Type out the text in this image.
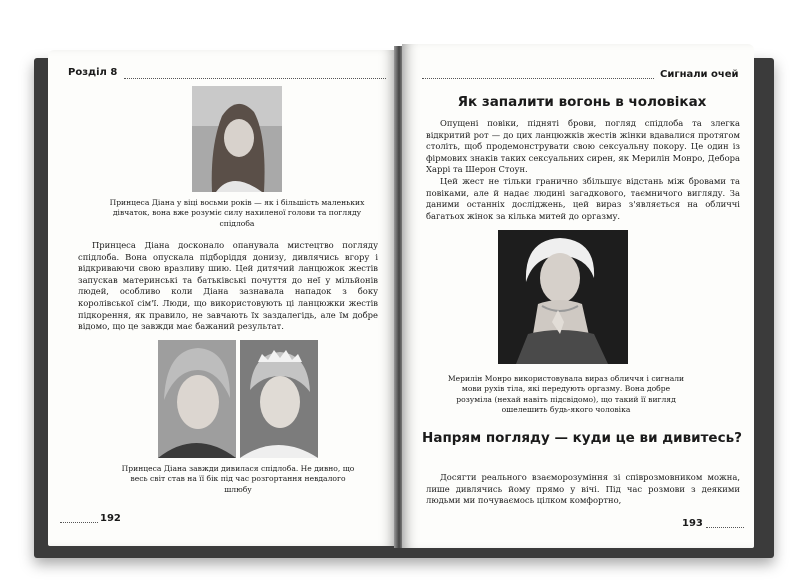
Розділ 8
Принцеса Діана у віці восьми років — як і більшість маленьких дівчаток, вона вже розуміє силу нахиленої голови та погляду спідлоба

Принцеса Діана досконало опанувала мистецтво погляду спідлоба. Вона опускала підборіддя донизу, дивлячись вгору і відкриваючи свою вразливу шию. Цей дитячий ланцюжок жестів запускав материнські та батьківські почуття до неї у мільйонів людей, особливо коли Діана зазнавала нападок з боку королівської сім'ї. Люди, що використовують ці ланцюжки жестів підкорення, як правило, не завчають їх заздалегідь, але їм добре відомо, що це завжди має бажаний результат.

Принцеса Діана завжди дивилася спідлоба. Не дивно, що весь світ став на її бік під час розгортання невдалого шлюбу
192
Сигнали очей
Як запалити вогонь в чоловіках

Опущені повіки, підняті брови, погляд спідлоба та злегка відкритий рот — до цих ланцюжків жестів жінки вдавалися протягом століть, щоб продемонструвати свою сексуальну покору. Це один із фірмових знаків таких сексуальних сирен, як Мерилін Монро, Дебора Харрі та Шерон Стоун.

Цей жест не тільки гранично збільшує відстань між бровами та повіками, але й надає людині загадкового, таємничого вигляду. За даними останніх досліджень, цей вираз з'являється на обличчі багатьох жінок за кілька митей до оргазму.

Мерилін Монро використовувала вираз обличчя і сигнали мови рухів тіла, які передують оргазму. Вона добре розуміла (нехай навіть підсвідомо), що такий її вигляд ошелешить будь-якого чоловіка
Напрям погляду — куди це ви дивитесь?

Досягти реального взаєморозуміння зі співрозмовником можна, лише дивлячись йому прямо у вічі. Під час розмови з деякими людьми ми почуваємось цілком комфортно,

193
